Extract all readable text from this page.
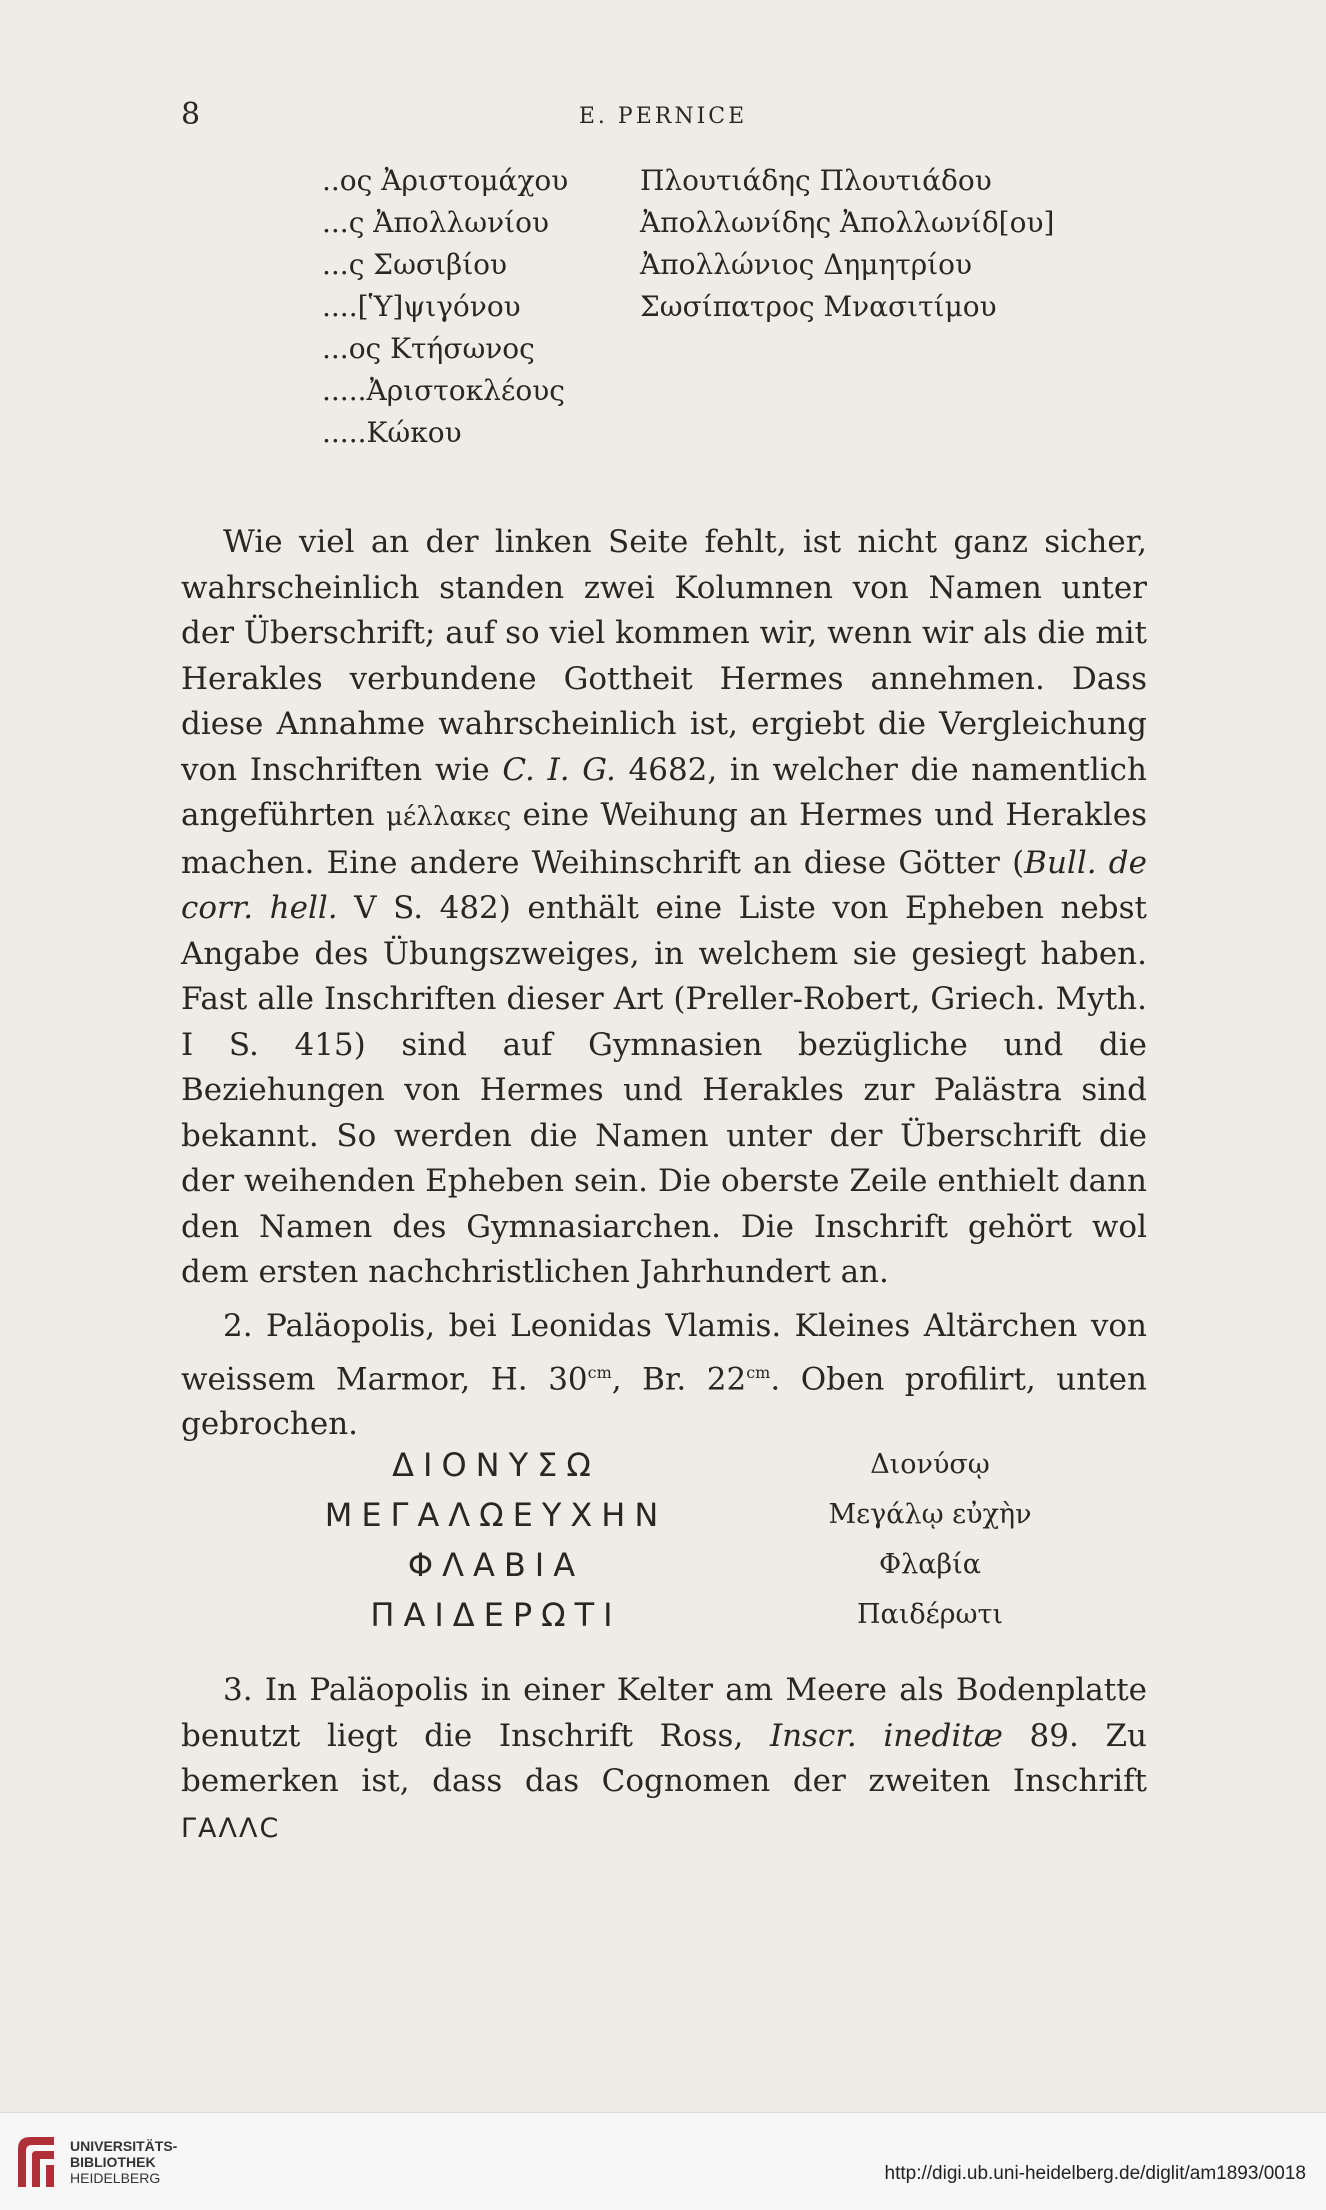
8	E. PERNICE
..ος Ἀριστομάχου
...ς Ἀπολλωνίου
...ς Σωσιβίου
....[Ὑ]ψιγόνου
...ος Κτήσωνος
.....Ἀριστοκλέους
.....Κώκου
Πλουτιάδης Πλουτιάδου
Ἀπολλωνίδης Ἀπολλωνίδ[ου]
Ἀπολλώνιος Δημητρίου
Σωσίπατρος Μνασιτίμου

Wie viel an der linken Seite fehlt, ist nicht ganz sicher, wahrscheinlich standen zwei Kolumnen von Namen unter der Überschrift; auf so viel kommen wir, wenn wir als die mit Herakles verbundene Gottheit Hermes annehmen. Dass diese Annahme wahrscheinlich ist, ergiebt die Vergleichung von Inschriften wie C. I. G. 4682, in welcher die namentlich angeführten μέλλακες eine Weihung an Hermes und Herakles machen. Eine andere Weihinschrift an diese Götter (Bull. de corr. hell. V S. 482) enthält eine Liste von Epheben nebst Angabe des Übungszweiges, in welchem sie gesiegt haben. Fast alle Inschriften dieser Art (Preller-Robert, Griech. Myth. I S. 415) sind auf Gymnasien bezügliche und die Beziehungen von Hermes und Herakles zur Palästra sind bekannt. So werden die Namen unter der Überschrift die der weihenden Epheben sein. Die oberste Zeile enthielt dann den Namen des Gymnasiarchen. Die Inschrift gehört wol dem ersten nachchristlichen Jahrhundert an.

2. Paläopolis, bei Leonidas Vlamis. Kleines Altärchen von weissem Marmor, H. $30^{cm}$, Br. $22^{cm}$. Oben profilirt, unten gebrochen.

ΔΙΟΝΥΣΩ
ΜΕΓΑΛΩΕΥΧΗΝ
ΦΛΑΒΙΑ
ΠΑΙΔΕΡΩΤΙ
Διονύσῳ
Μεγάλῳ εὐχὴν
Φλαβία
Παιδέρωτι

3. In Paläopolis in einer Kelter am Meere als Bodenplatte benutzt liegt die Inschrift Ross, Inscr. ineditæ 89. Zu bemerken ist, dass das Cognomen der zweiten Inschrift ΓΑΛΛC

UNIVERSITÄTS-
BIBLIOTHEK
HEIDELBERG	http://digi.ub.uni-heidelberg.de/diglit/am1893/0018
